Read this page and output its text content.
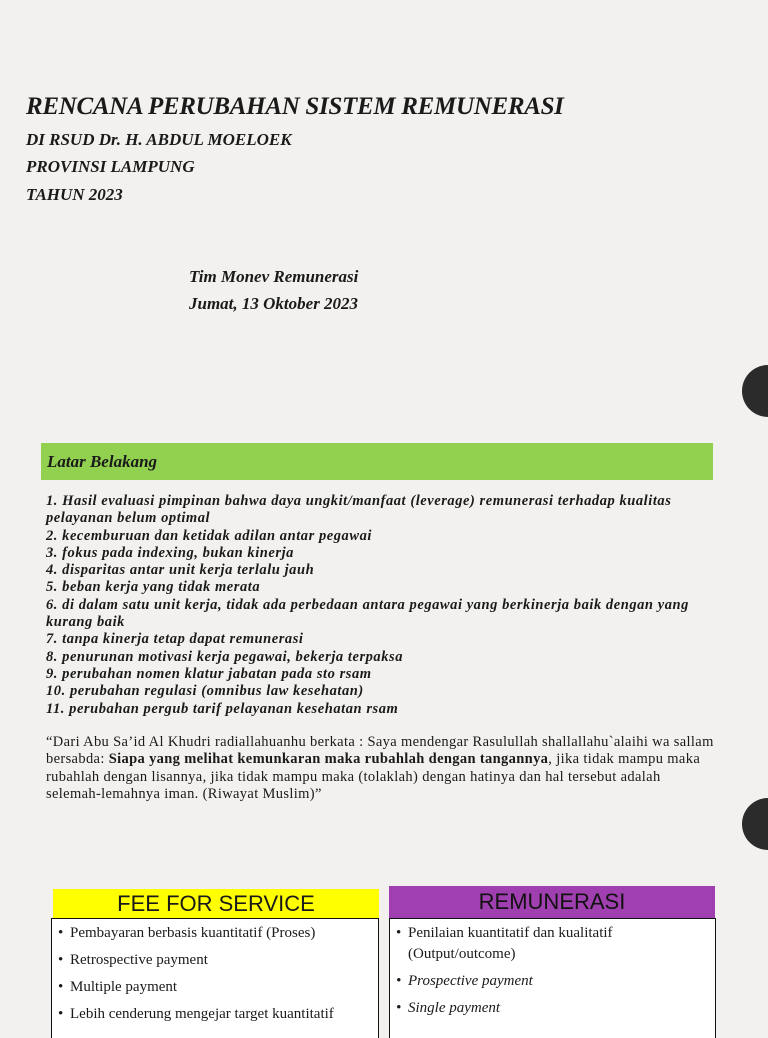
RENCANA PERUBAHAN SISTEM REMUNERASI
DI RSUD Dr. H. ABDUL MOELOEK
PROVINSI LAMPUNG
TAHUN 2023
Tim Monev Remunerasi
Jumat, 13 Oktober 2023
Latar Belakang
1. Hasil evaluasi pimpinan bahwa daya ungkit/manfaat (leverage) remunerasi terhadap kualitas pelayanan belum optimal
2. kecemburuan dan ketidak adilan antar pegawai
3. fokus pada indexing, bukan kinerja
4. disparitas antar unit kerja terlalu jauh
5. beban kerja yang tidak merata
6. di dalam satu unit kerja, tidak ada perbedaan antara pegawai yang berkinerja baik dengan yang kurang baik
7. tanpa kinerja tetap dapat remunerasi
8. penurunan motivasi kerja pegawai, bekerja terpaksa
9. perubahan nomen klatur jabatan pada sto rsam
10. perubahan regulasi (omnibus law kesehatan)
11. perubahan pergub tarif pelayanan kesehatan rsam

“Dari Abu Sa’id Al Khudri radiallahuanhu berkata : Saya mendengar Rasulullah shallallahu`alaihi wa sallam bersabda: Siapa yang melihat kemunkaran maka rubahlah dengan tangannya, jika tidak mampu maka rubahlah dengan lisannya, jika tidak mampu maka (tolaklah) dengan hatinya dan hal tersebut adalah selemah-lemahnya iman. (Riwayat Muslim)”

FEE FOR SERVICE	REMUNERASI
• Pembayaran berbasis kuantitatif (Proses)
• Retrospective payment
• Multiple payment
• Lebih cenderung mengejar target kuantitatif
• Penilaian kuantitatif dan kualitatif (Output/outcome)
• Prospective payment
• Single payment
